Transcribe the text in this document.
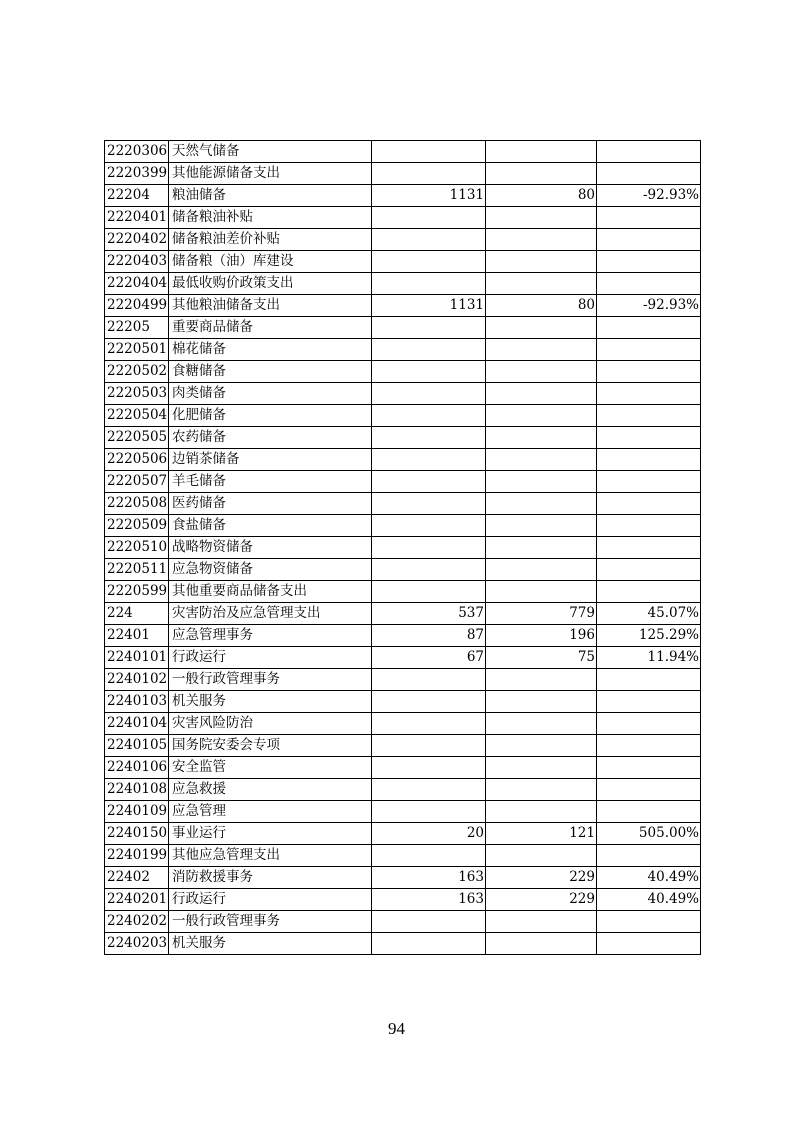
2220306	天然气储备			
2220399	其他能源储备支出			
22204	粮油储备	1131	80	-92.93%
2220401	储备粮油补贴			
2220402	储备粮油差价补贴			
2220403	储备粮（油）库建设			
2220404	最低收购价政策支出			
2220499	其他粮油储备支出	1131	80	-92.93%
22205	重要商品储备			
2220501	棉花储备			
2220502	食糖储备			
2220503	肉类储备			
2220504	化肥储备			
2220505	农药储备			
2220506	边销茶储备			
2220507	羊毛储备			
2220508	医药储备			
2220509	食盐储备			
2220510	战略物资储备			
2220511	应急物资储备			
2220599	其他重要商品储备支出			
224	灾害防治及应急管理支出	537	779	45.07%
22401	应急管理事务	87	196	125.29%
2240101	行政运行	67	75	11.94%
2240102	一般行政管理事务			
2240103	机关服务			
2240104	灾害风险防治			
2240105	国务院安委会专项			
2240106	安全监管			
2240108	应急救援			
2240109	应急管理			
2240150	事业运行	20	121	505.00%
2240199	其他应急管理支出			
22402	消防救援事务	163	229	40.49%
2240201	行政运行	163	229	40.49%
2240202	一般行政管理事务			
2240203	机关服务			
94
